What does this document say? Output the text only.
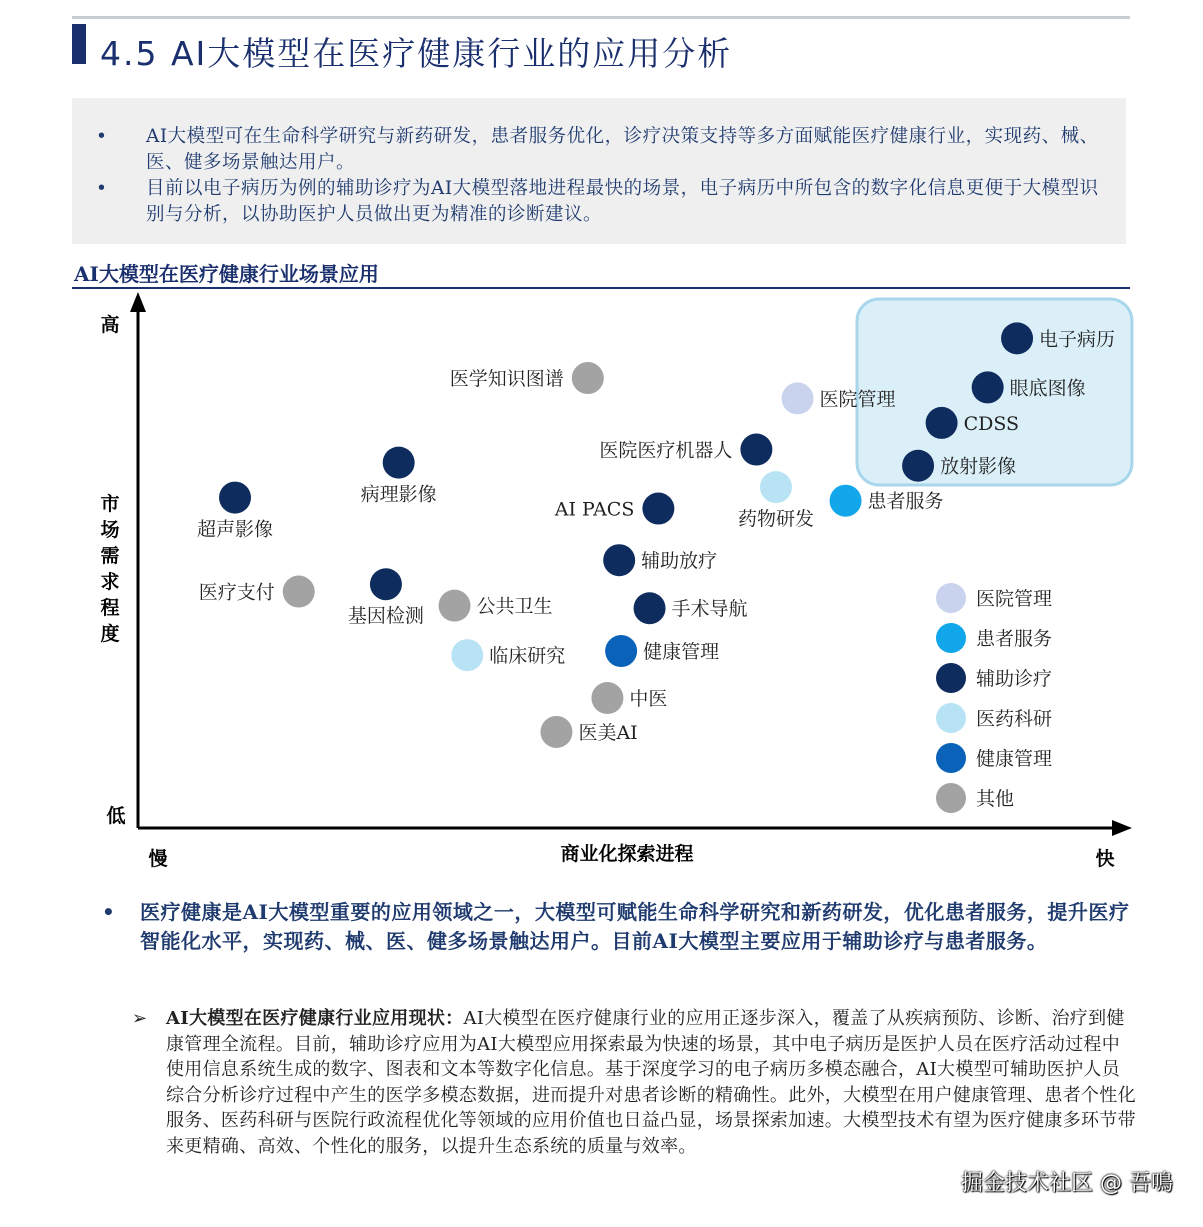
4.5 AI大模型在医疗健康行业的应用分析
• AI大模型可在生命科学研究与新药研发，患者服务优化，诊疗决策支持等多方面赋能医疗健康行业，实现药、械、医、健多场景触达用户。
• 目前以电子病历为例的辅助诊疗为AI大模型落地进程最快的场景，电子病历中所包含的数字化信息更便于大模型识别与分析，以协助医护人员做出更为精准的诊断建议。
AI大模型在医疗健康行业场景应用
高
低
慢	快
商业化探索进程
市
场
需
求
程
度
电子病历
眼底图像
CDSS
放射影像
医院管理
患者服务
药物研发
医院医疗机器人
医学知识图谱
AI PACS
辅助放疗
手术导航
健康管理
中医
医美AI
临床研究
公共卫生
基因检测
病理影像
超声影像
医疗支付	医院管理
患者服务
辅助诊疗
医药科研
健康管理
其他
• 医疗健康是AI大模型重要的应用领域之一，大模型可赋能生命科学研究和新药研发，优化患者服务，提升医疗智能化水平，实现药、械、医、健多场景触达用户。目前AI大模型主要应用于辅助诊疗与患者服务。
➢ AI大模型在医疗健康行业应用现状：AI大模型在医疗健康行业的应用正逐步深入，覆盖了从疾病预防、诊断、治疗到健康管理全流程。目前，辅助诊疗应用为AI大模型应用探索最为快速的场景，其中电子病历是医护人员在医疗活动过程中使用信息系统生成的数字、图表和文本等数字化信息。基于深度学习的电子病历多模态融合，AI大模型可辅助医护人员综合分析诊疗过程中产生的医学多模态数据，进而提升对患者诊断的精确性。此外，大模型在用户健康管理、患者个性化服务、医药科研与医院行政流程优化等领域的应用价值也日益凸显，场景探索加速。大模型技术有望为医疗健康多环节带来更精确、高效、个性化的服务，以提升生态系统的质量与效率。
掘金技术社区 @ 吾鳴
